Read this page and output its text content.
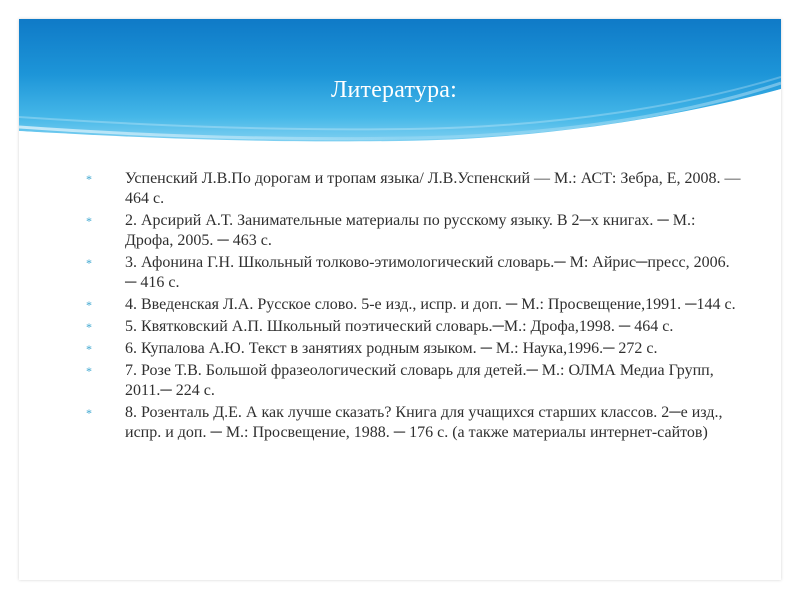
Литература:
*	Успенский Л.В.По дорогам и тропам языка/ Л.В.Успенский — М.: АСТ: Зебра, Е, 2008. — 464 с.
*	2. Арсирий А.Т. Занимательные материалы по русскому языку. В 2─х книгах. ─ М.: Дрофа, 2005. ─ 463 с.
*	3. Афонина Г.Н. Школьный толково-этимологический словарь.─ М: Айрис─пресс, 2006. ─ 416 с.
*	4. Введенская Л.А. Русское слово. 5-е изд., испр. и доп. ─ М.: Просвещение,1991. ─144 с.
*	5. Квятковский А.П. Школьный поэтический словарь.─М.: Дрофа,1998. ─ 464 с.
*	6. Купалова А.Ю. Текст в занятиях родным языком. ─ М.: Наука,1996.─ 272 с.
*	7. Розе Т.В. Большой фразеологический словарь для детей.─ М.: ОЛМА Медиа Групп, 2011.─ 224 с.
*	8. Розенталь Д.Е. А как лучше сказать? Книга для учащихся старших классов. 2─е изд., испр. и доп. ─ М.: Просвещение, 1988. ─ 176 с. (а также материалы интернет-сайтов)
